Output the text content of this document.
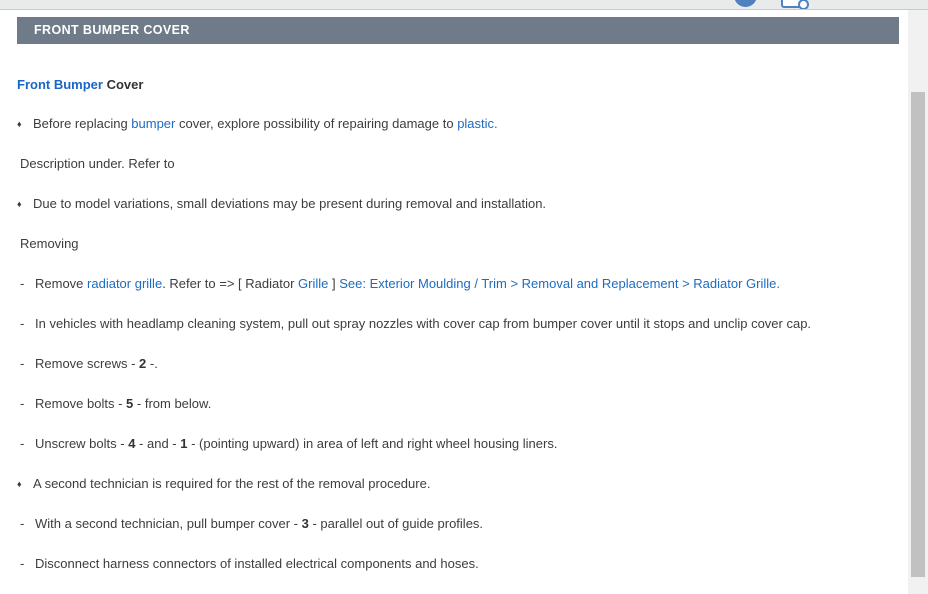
FRONT BUMPER COVER

Front Bumper Cover

♦ Before replacing bumper cover, explore possibility of repairing damage to plastic.

Description under. Refer to

♦ Due to model variations, small deviations may be present during removal and installation.

Removing

- Remove radiator grille. Refer to => [ Radiator Grille ] See: Exterior Moulding / Trim > Removal and Replacement > Radiator Grille.

- In vehicles with headlamp cleaning system, pull out spray nozzles with cover cap from bumper cover until it stops and unclip cover cap.

- Remove screws - 2 -.

- Remove bolts - 5 - from below.

- Unscrew bolts - 4 - and - 1 - (pointing upward) in area of left and right wheel housing liners.

♦ A second technician is required for the rest of the removal procedure.

- With a second technician, pull bumper cover - 3 - parallel out of guide profiles.

- Disconnect harness connectors of installed electrical components and hoses.
